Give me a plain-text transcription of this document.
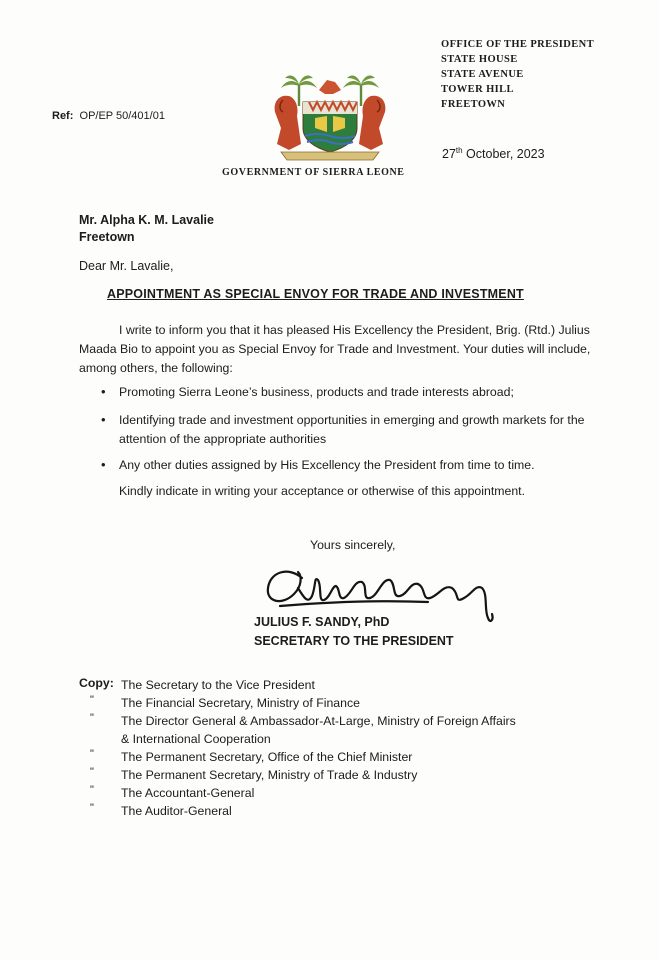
OFFICE OF THE PRESIDENT
STATE HOUSE
STATE AVENUE
TOWER HILL
FREETOWN
Ref: OP/EP 50/401/01
27th October, 2023
GOVERNMENT OF SIERRA LEONE
Mr. Alpha K. M. Lavalie
Freetown
Dear Mr. Lavalie,
APPOINTMENT AS SPECIAL ENVOY FOR TRADE AND INVESTMENT
I write to inform you that it has pleased His Excellency the President, Brig. (Rtd.) Julius Maada Bio to appoint you as Special Envoy for Trade and Investment. Your duties will include, among others, the following:
• Promoting Sierra Leone’s business, products and trade interests abroad;
• Identifying trade and investment opportunities in emerging and growth markets for the attention of the appropriate authorities
• Any other duties assigned by His Excellency the President from time to time.
Kindly indicate in writing your acceptance or otherwise of this appointment.
Yours sincerely,
JULIUS F. SANDY, PhD
SECRETARY TO THE PRESIDENT
Copy: The Secretary to the Vice President
" The Financial Secretary, Ministry of Finance
" The Director General & Ambassador-At-Large, Ministry of Foreign Affairs
& International Cooperation
" The Permanent Secretary, Office of the Chief Minister
" The Permanent Secretary, Ministry of Trade & Industry
" The Accountant-General
" The Auditor-General
